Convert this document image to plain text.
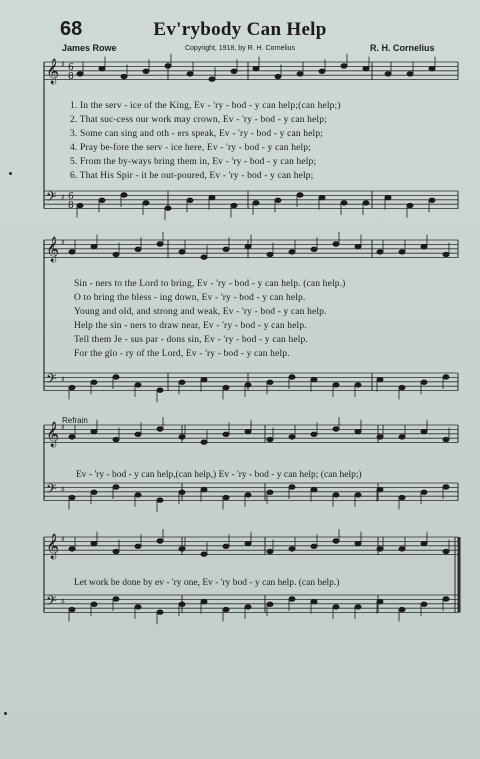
68	Ev'rybody Can Help
James Rowe	Copyright, 1918, by R. H. Cornelius	R. H. Cornelius
𝄞
𝄢
♯
♯
6
8
6
8
𝄞
𝄢
♯
♯
𝄞
𝄢
♯
♯
𝄞
𝄢
♯
♯
1. In the serv - ice of the King, Ev - 'ry - bod - y can help;(can help;)
2. That suc-cess our work may crown, Ev - 'ry - bod - y can help;
3. Some can sing and oth - ers speak, Ev - 'ry - bod - y can help;
4. Pray be-fore the serv - ice here, Ev - 'ry - bod - y can help;
5. From the by-ways bring them in, Ev - 'ry - bod - y can help;
6. That His Spir - it be out-poured, Ev - 'ry - bod - y can help;
Sin - ners to the Lord to bring, Ev - 'ry - bod - y can help. (can help.)
O to bring the bless - ing down, Ev - 'ry - bod - y can help.
Young and old, and strong and weak, Ev - 'ry - bod - y can help.
Help the sin - ners to draw near, Ev - 'ry - bod - y can help.
Tell them Je - sus par - dons sin, Ev - 'ry - bod - y can help.
For the glo - ry of the Lord, Ev - 'ry - bod - y can help.
Refrain
Ev - 'ry - bod - y can help,(can help,) Ev - 'ry - bod - y can help; (can help;)
Let work be done by ev - 'ry one, Ev - 'ry bod - y can help. (can help.)
